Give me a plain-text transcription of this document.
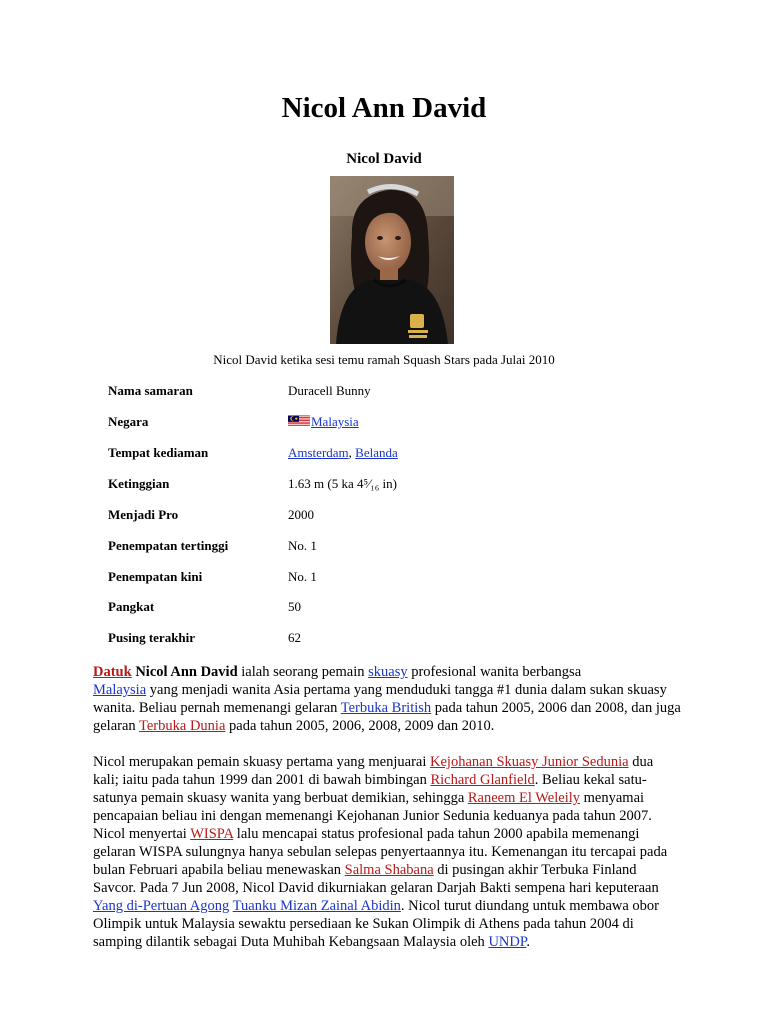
Nicol Ann David
Nicol David
Nicol David ketika sesi temu ramah Squash Stars pada Julai 2010
Nama samaran	Duracell Bunny
Negara	Malaysia
Tempat kediaman	Amsterdam, Belanda
Ketinggian	1.63 m (5 ka 4⁵⁄₁₆ in)
Menjadi Pro	2000
Penempatan tertinggi	No. 1
Penempatan kini	No. 1
Pangkat	50
Pusing terakhir	62

Datuk Nicol Ann David ialah seorang pemain skuasy profesional wanita berbangsa
Malaysia yang menjadi wanita Asia pertama yang menduduki tangga #1 dunia dalam sukan skuasy wanita. Beliau pernah memenangi gelaran Terbuka British pada tahun 2005, 2006 dan 2008, dan juga gelaran Terbuka Dunia pada tahun 2005, 2006, 2008, 2009 dan 2010.

Nicol merupakan pemain skuasy pertama yang menjuarai Kejohanan Skuasy Junior Sedunia dua kali; iaitu pada tahun 1999 dan 2001 di bawah bimbingan Richard Glanfield. Beliau kekal satu-satunya pemain skuasy wanita yang berbuat demikian, sehingga Raneem El Weleily menyamai pencapaian beliau ini dengan memenangi Kejohanan Junior Sedunia keduanya pada tahun 2007. Nicol menyertai WISPA lalu mencapai status profesional pada tahun 2000 apabila memenangi gelaran WISPA sulungnya hanya sebulan selepas penyertaannya itu. Kemenangan itu tercapai pada bulan Februari apabila beliau menewaskan Salma Shabana di pusingan akhir Terbuka Finland Savcor. Pada 7 Jun 2008, Nicol David dikurniakan gelaran Darjah Bakti sempena hari keputeraan Yang di-Pertuan Agong Tuanku Mizan Zainal Abidin. Nicol turut diundang untuk membawa obor Olimpik untuk Malaysia sewaktu persediaan ke Sukan Olimpik di Athens pada tahun 2004 di samping dilantik sebagai Duta Muhibah Kebangsaan Malaysia oleh UNDP.
